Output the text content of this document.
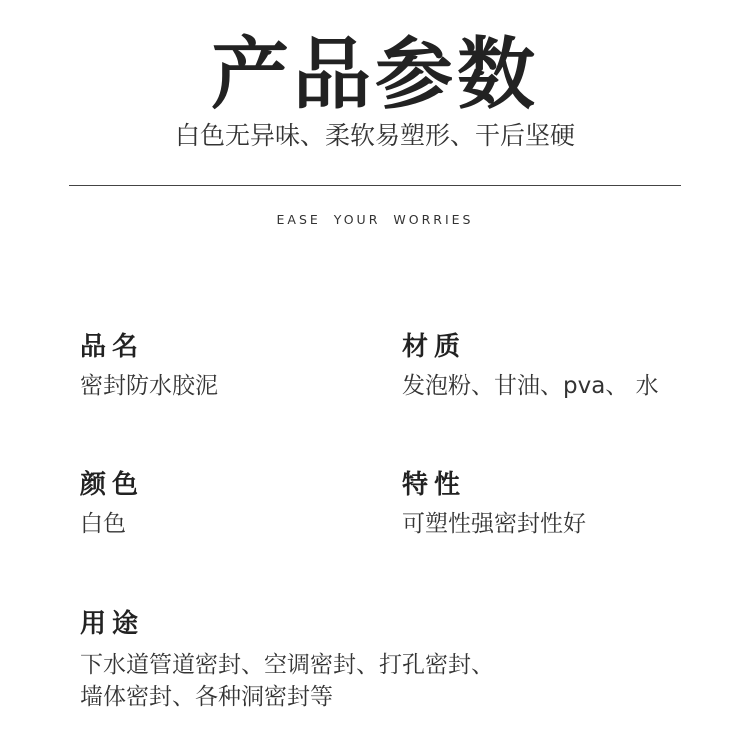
产品参数
白色无异味、柔软易塑形、干后坚硬
EASE YOUR WORRIES
品名
密封防水胶泥
材质
发泡粉、甘油、pva、 水
颜色
白色
特性
可塑性强密封性好
用途
下水道管道密封、空调密封、打孔密封、
墙体密封、各种洞密封等
